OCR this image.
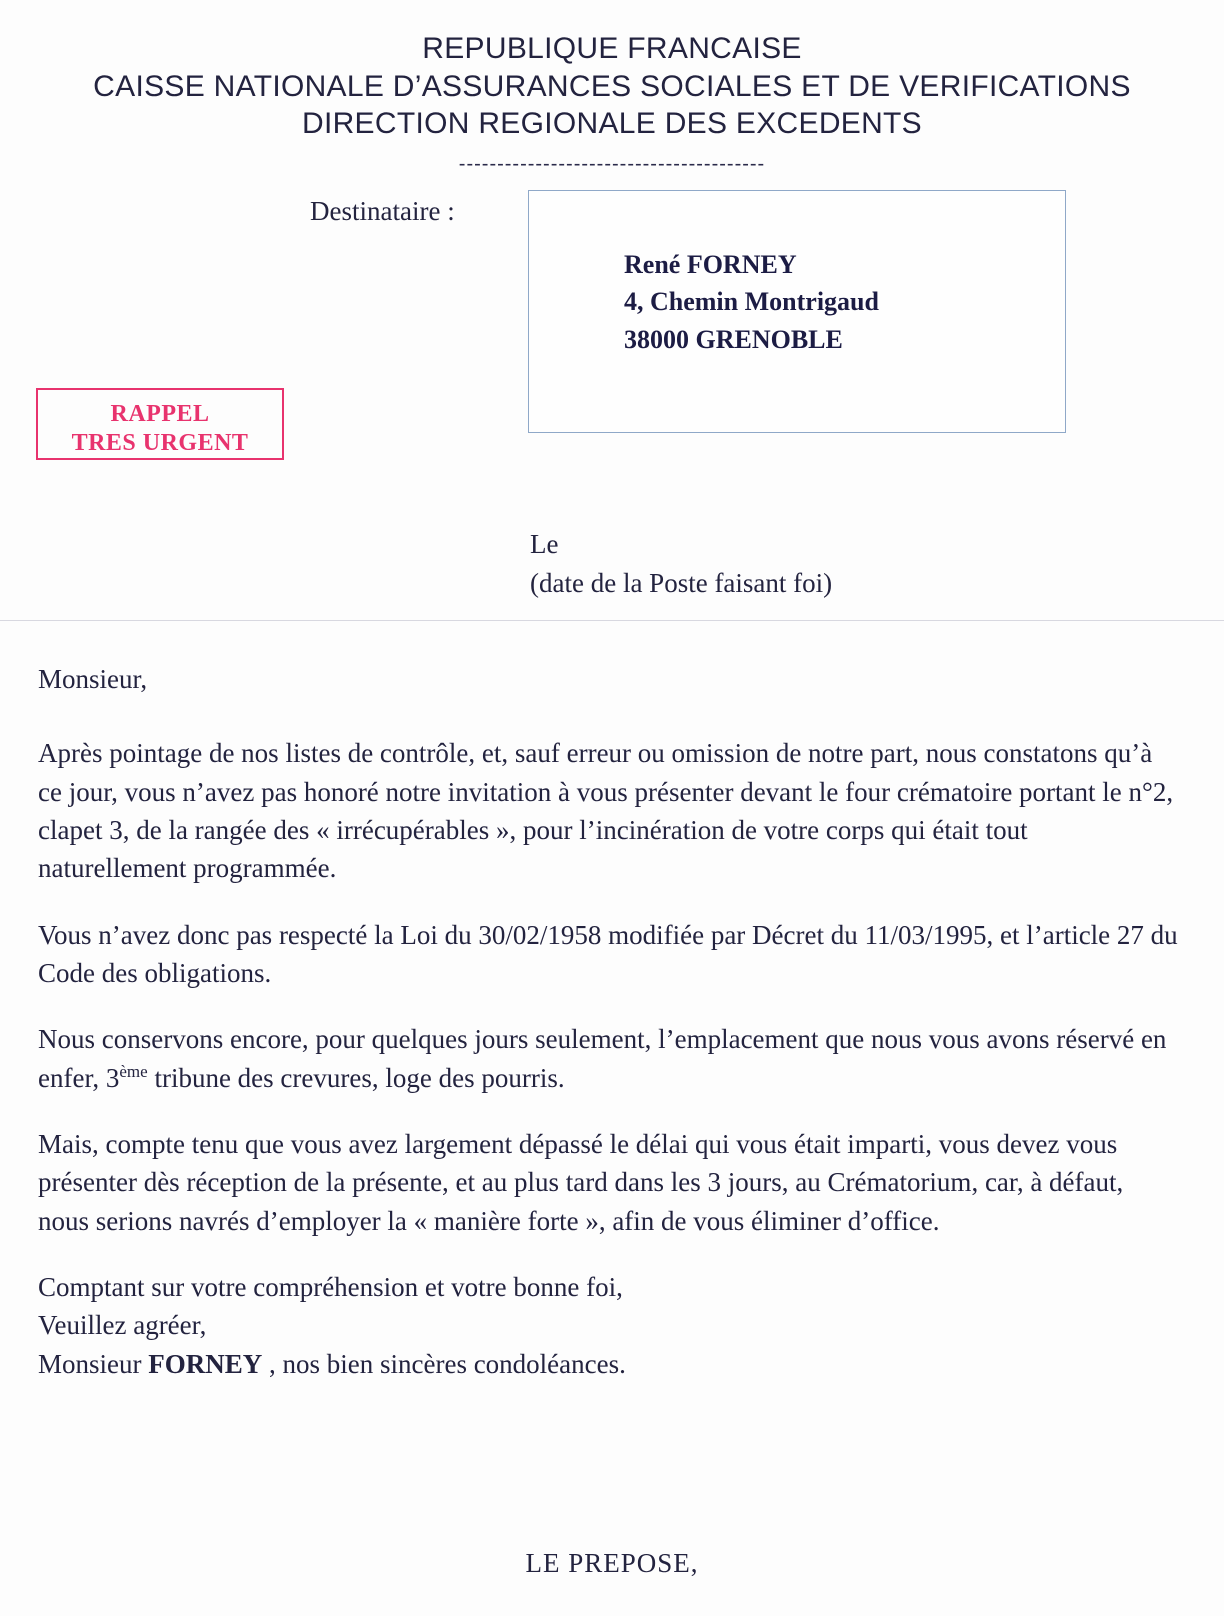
REPUBLIQUE FRANCAISE
CAISSE NATIONALE D’ASSURANCES SOCIALES ET DE VERIFICATIONS
DIRECTION REGIONALE DES EXCEDENTS
----------------------------------------
Destinataire :
René FORNEY
4, Chemin Montrigaud
38000 GRENOBLE
RAPPEL
TRES URGENT
Le
(date de la Poste faisant foi)

Monsieur,

Après pointage de nos listes de contrôle, et, sauf erreur ou omission de notre part, nous constatons qu’à ce jour, vous n’avez pas honoré notre invitation à vous présenter devant le four crématoire portant le n°2, clapet 3, de la rangée des « irrécupérables », pour l’incinération de votre corps qui était tout naturellement programmée.

Vous n’avez donc pas respecté la Loi du 30/02/1958 modifiée par Décret du 11/03/1995, et l’article 27 du Code des obligations.

Nous conservons encore, pour quelques jours seulement, l’emplacement que nous vous avons réservé en enfer, 3ème tribune des crevures, loge des pourris.

Mais, compte tenu que vous avez largement dépassé le délai qui vous était imparti, vous devez vous présenter dès réception de la présente, et au plus tard dans les 3 jours, au Crématorium, car, à défaut, nous serions navrés d’employer la « manière forte », afin de vous éliminer d’office.

Comptant sur votre compréhension et votre bonne foi,

Veuillez agréer,

Monsieur FORNEY , nos bien sincères condoléances.

LE PREPOSE,
